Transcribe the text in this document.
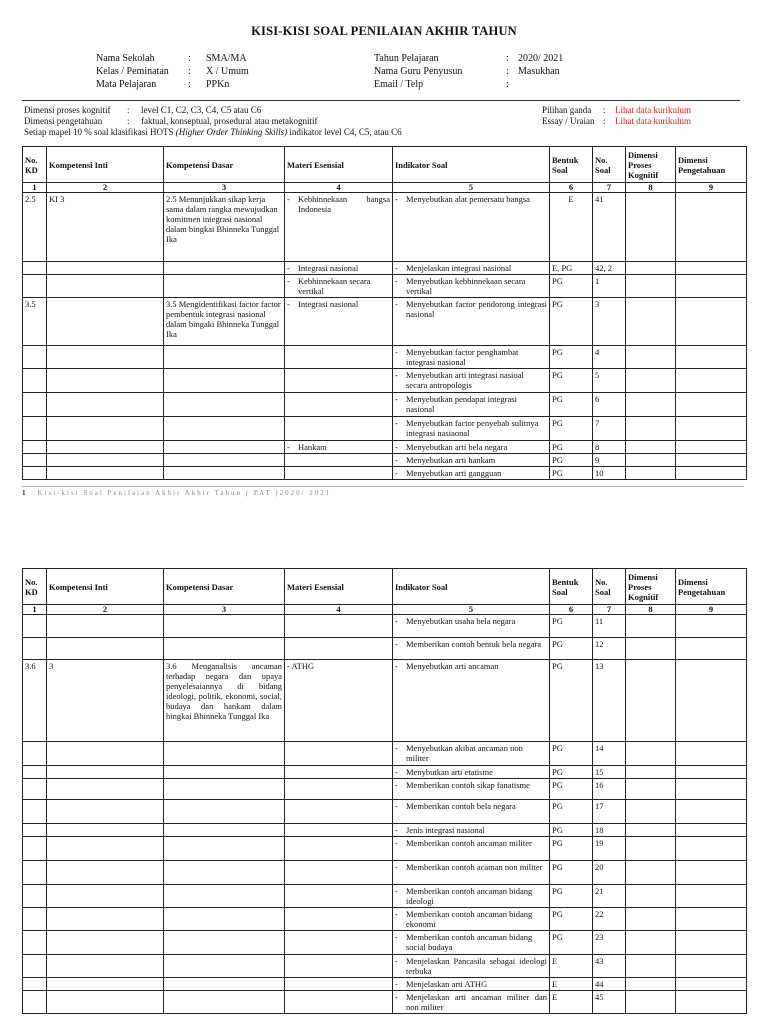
KISI-KISI SOAL PENILAIAN AKHIR TAHUN
Nama Sekolah	:	SMA/MA
Kelas / Peminatan	:	X / Umum
Mata Pelajaran	:	PPKn
Tahun Pelajaran	: 2020/ 2021
Nama Guru Penyusun	: Masukhan
Email / Telp	:
Dimensi proses kognitif : level C1, C2, C3, C4, C5 atau C6
Dimensi pengetahuan	: faktual, konseptual, prosedural atau metakognitif
Setiap mapel 10 % soal klasifikasi HOTS (Higher Order Thinking Skills) indikator level C4, C5, atau C6
Pilihan ganda : Lihat data kurikulum
Essay / Uraian : Lihat data kurikulum
No. KD	Kompetensi Inti	Kompetensi Dasar	Materi Esensial	Indikator Soal	Bentuk Soal	No. Soal	Dimensi Proses Kognitif	Dimensi Pengetahuan
1	2	3	4	5	6	7	8	9
2.5	KI 3	2.5 Menunjukkan sikap kerja sama dalam rangka mewujudkan komitmen integrasi nasional dalam bingkai Bhinneka Tunggal Ika	- Kebhinnekaan bangsa Indonesia	- Menyebutkan alat pemersatu bangsa	E	41		

			- Integrasi nasional	- Menjelaskan integrasi nasional	E, PG	42, 2		

			- Kebhinnekaan secara vertikal	- Menyebutkan kebhinnekaan secara vertikal	PG	1		
3.5		3.5 Mengidentifikasi factor factor pembentuk integrasi nasional dalam bingaki Bhinneka Tunggal Ika	- Integrasi nasional	- Menyebutkan factor pendorong integrasi nasional	PG	3		

				- Menyebutkan factor penghambat integrasi nasional	PG	4		

				- Menyebutkan arti integrasi nasioal secara antropologis	PG	5		

				- Menyebutkan pendapat integrasi nasional	PG	6		

				- Menyebutkan factor penyebab sulitnya integrasi nasiaonal	PG	7		

			- Hankam	- Menyebutkan arti bela negara	PG	8		

				- Menyebutkan arti hankam	PG	9		

				- Menyebutkan arti gangguan	PG	10		
1 Kisi-kisi Soal Penilaian Akhir Akhir Tahun ( PAT )2020/ 2021
No. KD	Kompetensi Inti	Kompetensi Dasar	Materi Esensial	Indikator Soal	Bentuk Soal	No. Soal	Dimensi Proses Kognitif	Dimensi Pengetahuan
1	2	3	4	5	6	7	8	9

				- Menyebutkan usaha bela negara	PG	11		

				- Memberikan contoh bentuk bela negara	PG	12		
3.6	3	3.6 Menganalisis ancaman terhadap negara dan upaya penyelesaiannya di bidang ideologi, politik, ekonomi, social, budaya dan hankam dalam bingkai Bhinneka Tunggal Ika	- ATHG	- Menyebutkan arti ancaman	PG	13		

				- Menyebutkan akibat ancaman non militer	PG	14		

				- Menybutkan arti etatisme	PG	15		

				- Memberikan contoh sikap fanatisme	PG	16		

				- Memberikan contoh bela negara	PG	17		

				- Jenis integrasi nasional	PG	18		

				- Memberikan contoh ancaman militer	PG	19		

				- Memberikan contoh acaman non militer	PG	20		

				- Memberikan contoh ancaman bidang ideologi	PG	21		

				- Memberikan contoh ancaman bidang ekonomi	PG	22		

				- Memberikan contoh ancaman bidang social budaya	PG	23		

				- Menjelaskan Pancasila sebagai ideologi terbuka	E	43		

				- Menjelaskan arti ATHG	E	44		

				- Menjelaskan arti ancaman militer dan non militer	E	45		
